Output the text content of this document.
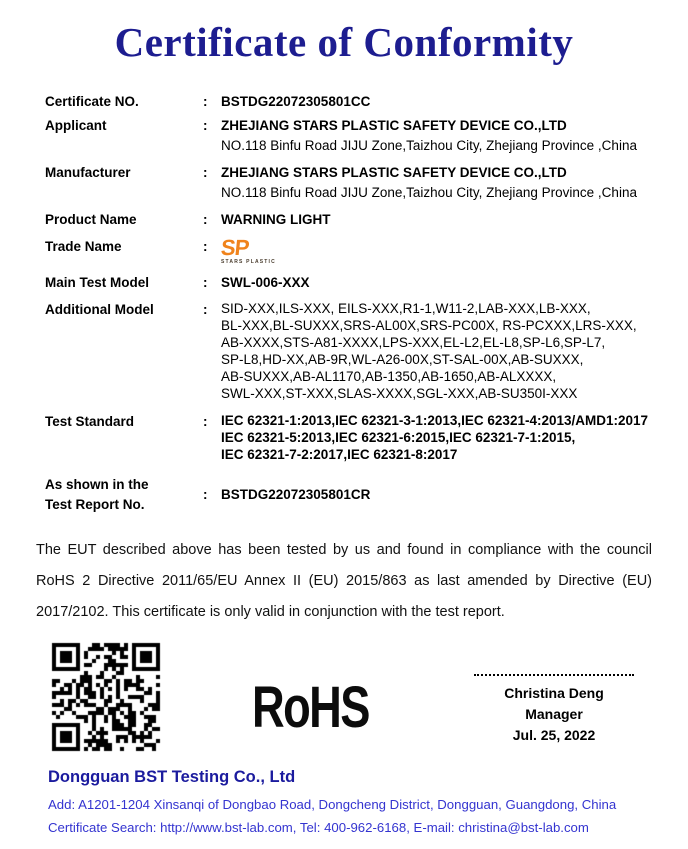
Certificate of Conformity
Certificate NO.	:	BSTDG22072305801CC
Applicant	:	ZHEJIANG STARS PLASTIC SAFETY DEVICE CO.,LTD
NO.118 Binfu Road JIJU Zone,Taizhou City, Zhejiang Province ,China
Manufacturer	:	ZHEJIANG STARS PLASTIC SAFETY DEVICE CO.,LTD
NO.118 Binfu Road JIJU Zone,Taizhou City, Zhejiang Province ,China
Product Name	:	WARNING LIGHT
Trade Name	: SP
STARS PLASTIC
Main Test Model	:	SWL-006-XXX
Additional Model	:	SID-XXX,ILS-XXX, EILS-XXX,R1-1,W11-2,LAB-XXX,LB-XXX,
BL-XXX,BL-SUXXX,SRS-AL00X,SRS-PC00X, RS-PCXXX,LRS-XXX,
AB-XXXX,STS-A81-XXXX,LPS-XXX,EL-L2,EL-L8,SP-L6,SP-L7,
SP-L8,HD-XX,AB-9R,WL-A26-00X,ST-SAL-00X,AB-SUXXX,
AB-SUXXX,AB-AL1170,AB-1350,AB-1650,AB-ALXXXX,
SWL-XXX,ST-XXX,SLAS-XXXX,SGL-XXX,AB-SU350I-XXX
Test Standard	:	IEC 62321-1:2013,IEC 62321-3-1:2013,IEC 62321-4:2013/AMD1:2017
IEC 62321-5:2013,IEC 62321-6:2015,IEC 62321-7-1:2015,
IEC 62321-7-2:2017,IEC 62321-8:2017
As shown in the
Test Report No.
:	BSTDG22072305801CR
The EUT described above has been tested by us and found in compliance with the council
RoHS 2 Directive 2011/65/EU Annex II (EU) 2015/863 as last amended by Directive (EU)
2017/2102. This certificate is only valid in conjunction with the test report.
RoHS	Christina Deng
Manager
Jul. 25, 2022
Dongguan BST Testing Co., Ltd
Add: A1201-1204 Xinsanqi of Dongbao Road, Dongcheng District, Dongguan, Guangdong, China
Certificate Search: http://www.bst-lab.com, Tel: 400-962-6168, E-mail: christina@bst-lab.com
